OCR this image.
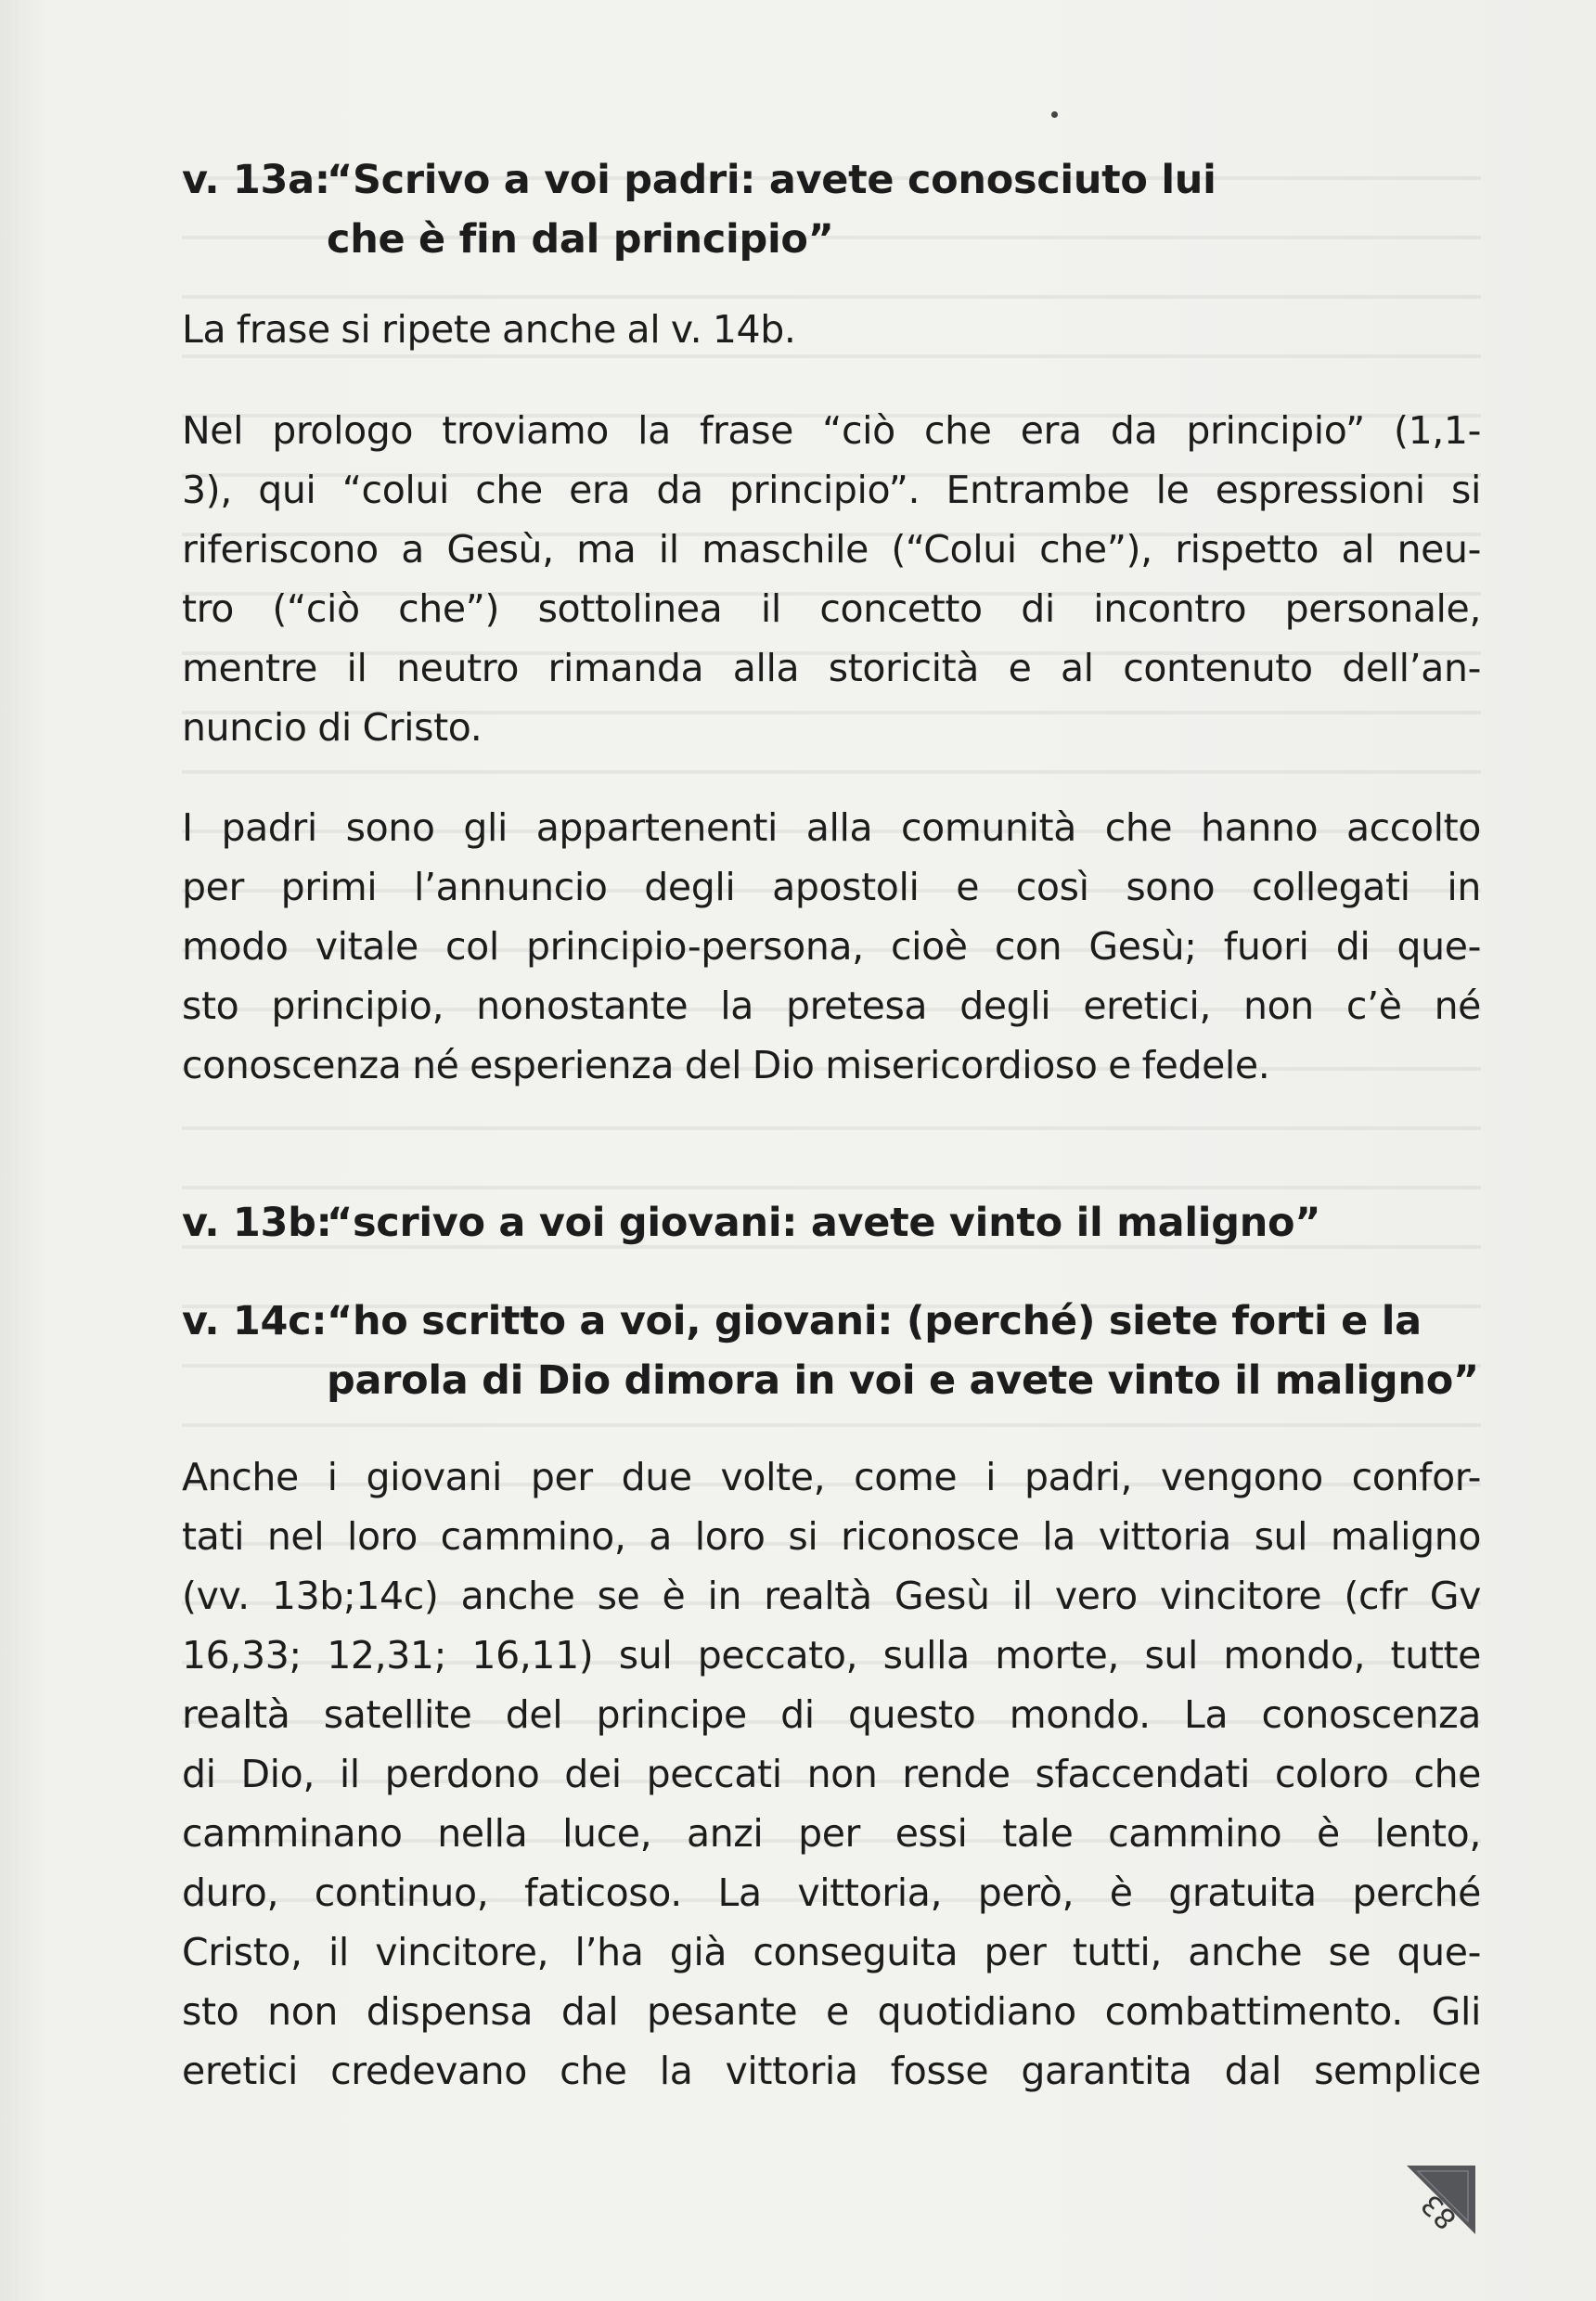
v. 13a:
“Scrivo a voi padri: avete conosciuto lui
che è fin dal principio”

La frase si ripete anche al v. 14b.

Nel prologo troviamo la frase “ciò che era da principio” (1,1-
3), qui “colui che era da principio”. Entrambe le espressioni si
riferiscono a Gesù, ma il maschile (“Colui che”), rispetto al neu-
tro (“ciò che”) sottolinea il concetto di incontro personale,
mentre il neutro rimanda alla storicità e al contenuto dell’an-
nuncio di Cristo.

I padri sono gli appartenenti alla comunità che hanno accolto
per primi l’annuncio degli apostoli e così sono collegati in
modo vitale col principio-persona, cioè con Gesù; fuori di que-
sto principio, nonostante la pretesa degli eretici, non c’è né
conoscenza né esperienza del Dio misericordioso e fedele.

v. 13b:
“scrivo a voi giovani: avete vinto il maligno”
v. 14c: “ho scritto a voi, giovani: (perché) siete forti e la
parola di Dio dimora in voi e avete vinto il maligno”

Anche i giovani per due volte, come i padri, vengono confor-
tati nel loro cammino, a loro si riconosce la vittoria sul maligno
(vv. 13b;14c) anche se è in realtà Gesù il vero vincitore (cfr Gv
16,33; 12,31; 16,11) sul peccato, sulla morte, sul mondo, tutte
realtà satellite del principe di questo mondo. La conoscenza
di Dio, il perdono dei peccati non rende sfaccendati coloro che
camminano nella luce, anzi per essi tale cammino è lento,
duro, continuo, faticoso. La vittoria, però, è gratuita perché
Cristo, il vincitore, l’ha già conseguita per tutti, anche se que-
sto non dispensa dal pesante e quotidiano combattimento. Gli
eretici credevano che la vittoria fosse garantita dal semplice

83
